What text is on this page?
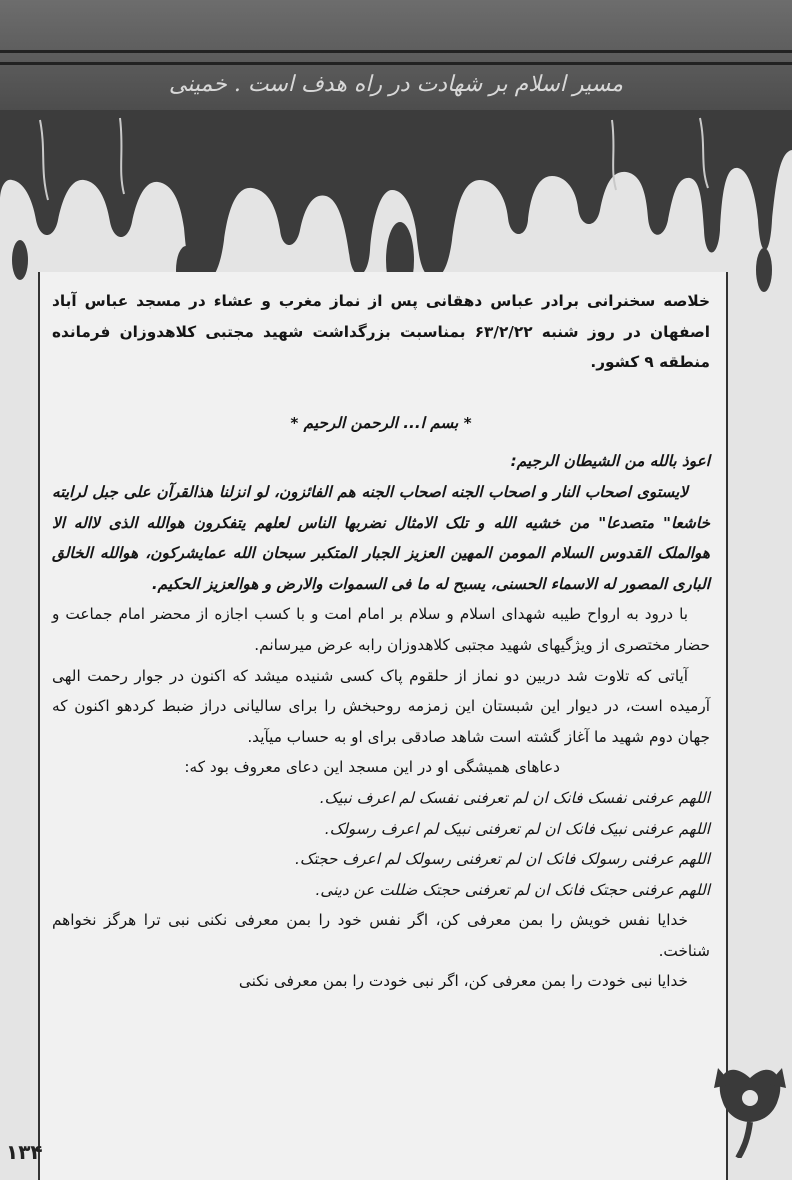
مسیر اسلام بر شهادت در راه هدف است . خمینی

خلاصه سخنرانی برادر عباس دهقانی پس از نماز مغرب و عشاء در مسجد عباس آباد اصفهان در روز شنبه ۶۳/۲/۲۲ بمناسبت بزرگداشت شهید مجتبی کلاهدوزان فرمانده منطقه ۹ کشور.

* بسم ا... الرحمن الرحیم *

اعوذ بالله من الشیطان الرجیم:

لایستوی اصحاب النار و اصحاب الجنه اصحاب الجنه هم الفائزون، لو انزلنا هذالقرآن علی جبل لرایته خاشعا" متصدعا" من خشیه الله و تلک الامثال نضربها الناس لعلهم یتفکرون هوالله الذی لااله الا هوالملک القدوس السلام المومن المهین العزیز الجبار المتکبر سبحان الله عمایشرکون، هوالله الخالق الباری المصور له الاسماء الحسنی، یسبح له ما فی السموات والارض و هوالعزیز الحکیم.

با درود به ارواح طیبه شهدای اسلام و سلام بر امام امت و با کسب اجازه از محضر امام جماعت و حضار مختصری از ویژگیهای شهید مجتبی کلاهدوزان رابه عرض میرسانم.

آیاتی که تلاوت شد دربین دو نماز از حلقوم پاک کسی شنیده میشد که اکنون در جوار رحمت الهی آرمیده است، در دیوار این شبستان این زمزمه روحبخش را برای سالیانی دراز ضبط کردهو اکنون که جهان دوم شهید ما آغاز گشته است شاهد صادقی برای او به حساب میآید.

دعاهای همیشگی او در این مسجد این دعای معروف بود که:

اللهم عرفنی نفسک فانک ان لم تعرفنی نفسک لم اعرف نبیک.

اللهم عرفنی نبیک فانک ان لم تعرفنی نبیک لم اعرف رسولک.

اللهم عرفنی رسولک فانک ان لم تعرفنی رسولک لم اعرف حجتک.

اللهم عرفنی حجتک فانک ان لم تعرفنی حجتک ضللت عن دینی.

خدایا نفس خویش را بمن معرفی کن، اگر نفس خود را بمن معرفی نکنی نبی ترا هرگز نخواهم شناخت.

خدایا نبی خودت را بمن معرفی کن، اگر نبی خودت را بمن معرفی نکنی

۱۳۴
